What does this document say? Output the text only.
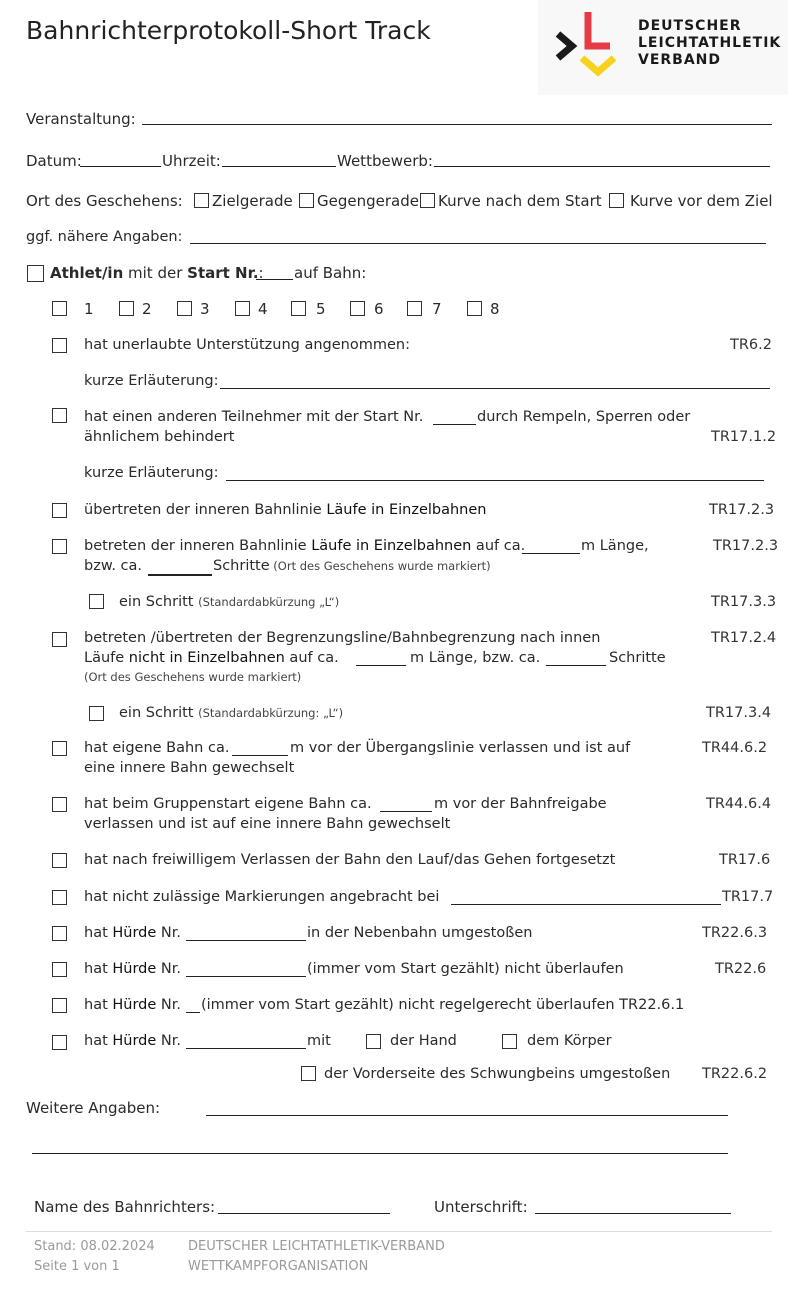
Bahnrichterprotokoll-Short Track	DEUTSCHER
LEICHTATHLETIK
VERBAND
Veranstaltung:
Datum:	Uhrzeit:	Wettbewerb:
Ort des Geschehens: Zielgerade Gegengerade Kurve nach dem Start Kurve vor dem Ziel
ggf. nähere Angaben:
Athlet/in mit der Start Nr.: auf Bahn:
1	2	3	4	5	6	7	8
hat unerlaubte Unterstützung angenommen:	TR6.2
kurze Erläuterung:
hat einen anderen Teilnehmer mit der Start Nr.	durch Rempeln, Sperren oder
ähnlichem behindert	TR17.1.2
kurze Erläuterung:
übertreten der inneren Bahnlinie Läufe in Einzelbahnen	TR17.2.3
betreten der inneren Bahnlinie Läufe in Einzelbahnen auf ca.	m Länge,	TR17.2.3
bzw. ca.	Schritte (Ort des Geschehens wurde markiert)
ein Schritt (Standardabkürzung „L“)	TR17.3.3
betreten /übertreten der Begrenzungsline/Bahnbegrenzung nach innen	TR17.2.4
Läufe nicht in Einzelbahnen auf ca.	m Länge, bzw. ca.	Schritte
(Ort des Geschehens wurde markiert)
ein Schritt (Standardabkürzung: „L“)	TR17.3.4
hat eigene Bahn ca.	m vor der Übergangslinie verlassen und ist auf	TR44.6.2
eine innere Bahn gewechselt
hat beim Gruppenstart eigene Bahn ca.	m vor der Bahnfreigabe	TR44.6.4
verlassen und ist auf eine innere Bahn gewechselt
hat nach freiwilligem Verlassen der Bahn den Lauf/das Gehen fortgesetzt	TR17.6
hat nicht zulässige Markierungen angebracht bei	TR17.7
hat Hürde Nr.	in der Nebenbahn umgestoßen	TR22.6.3
hat Hürde Nr.	(immer vom Start gezählt) nicht überlaufen	TR22.6
hat Hürde Nr. (immer vom Start gezählt) nicht regelgerecht überlaufen TR22.6.1
hat Hürde Nr.	mit	der Hand	dem Körper
der Vorderseite des Schwungbeins umgestoßen TR22.6.2
Weitere Angaben:
Name des Bahnrichters:	Unterschrift:
Stand: 08.02.2024
Seite 1 von 1
DEUTSCHER LEICHTATHLETIK-VERBAND
WETTKAMPFORGANISATION
